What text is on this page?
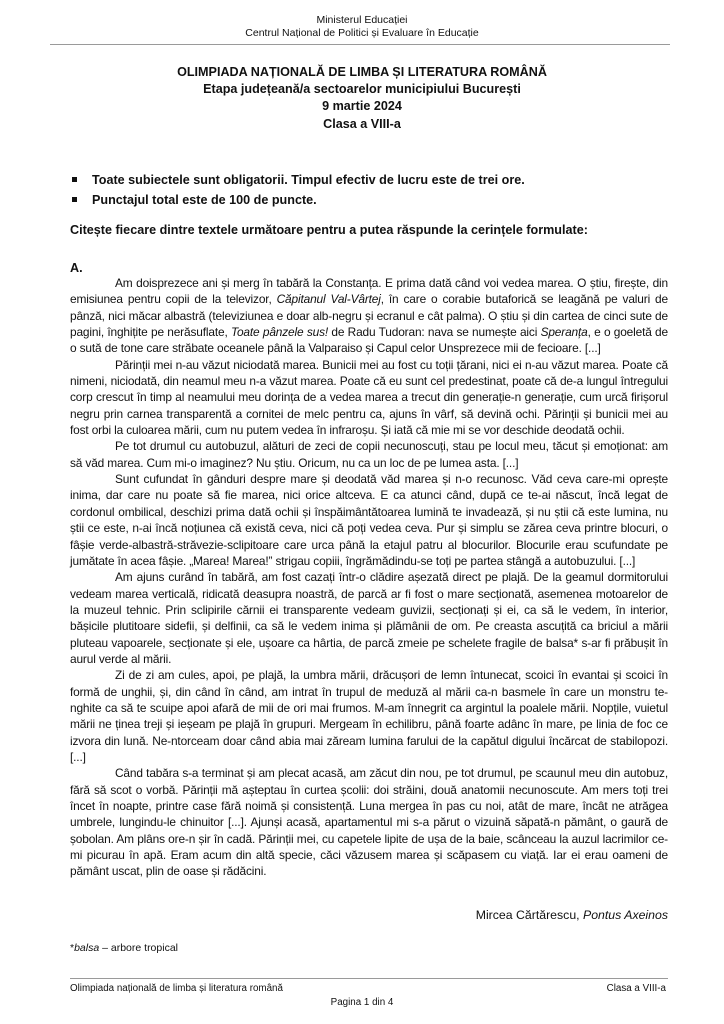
Ministerul Educației
Centrul Național de Politici și Evaluare în Educație
OLIMPIADA NAȚIONALĂ DE LIMBA ȘI LITERATURA ROMÂNĂ
Etapa județeană/a sectoarelor municipiului București
9 martie 2024
Clasa a VIII-a
Toate subiectele sunt obligatorii. Timpul efectiv de lucru este de trei ore.
Punctajul total este de 100 de puncte.
Citește fiecare dintre textele următoare pentru a putea răspunde la cerințele formulate:
A.

Am doisprezece ani și merg în tabără la Constanța. E prima dată când voi vedea marea. O știu, firește, din emisiunea pentru copii de la televizor, Căpitanul Val-Vârtej, în care o corabie butaforică se leagănă pe valuri de pânză, nici măcar albastră (televiziunea e doar alb-negru și ecranul e cât palma). O știu și din cartea de cinci sute de pagini, înghițite pe nerăsuflate, Toate pânzele sus! de Radu Tudoran: nava se numește aici Speranța, e o goeletă de o sută de tone care străbate oceanele până la Valparaiso și Capul celor Unsprezece mii de fecioare. [...]

Părinții mei n-au văzut niciodată marea. Bunicii mei au fost cu toții țărani, nici ei n-au văzut marea. Poate că nimeni, niciodată, din neamul meu n-a văzut marea. Poate că eu sunt cel predestinat, poate că de-a lungul întregului corp crescut în timp al neamului meu dorința de a vedea marea a trecut din generație-n generație, cum urcă firișorul negru prin carnea transparentă a cornitei de melc pentru ca, ajuns în vârf, să devină ochi. Părinții și bunicii mei au fost orbi la culoarea mării, cum nu putem vedea în infraroșu. Și iată că mie mi se vor deschide deodată ochii.

Pe tot drumul cu autobuzul, alături de zeci de copii necunoscuți, stau pe locul meu, tăcut și emoționat: am să văd marea. Cum mi-o imaginez? Nu știu. Oricum, nu ca un loc de pe lumea asta. [...]

Sunt cufundat în gânduri despre mare și deodată văd marea și n-o recunosc. Văd ceva care-mi oprește inima, dar care nu poate să fie marea, nici orice altceva. E ca atunci când, după ce te-ai născut, încă legat de cordonul ombilical, deschizi prima dată ochii și înspăimântătoarea lumină te invadează, și nu știi că este lumina, nu știi ce este, n-ai încă noțiunea că există ceva, nici că poți vedea ceva. Pur și simplu se zărea ceva printre blocuri, o fâșie verde-albastră-străvezie-sclipitoare care urca până la etajul patru al blocurilor. Blocurile erau scufundate pe jumătate în acea fâșie. „Marea! Marea!” strigau copiii, îngrămădindu-se toți pe partea stângă a autobuzului. [...]

Am ajuns curând în tabără, am fost cazați într-o clădire așezată direct pe plajă. De la geamul dormitorului vedeam marea verticală, ridicată deasupra noastră, de parcă ar fi fost o mare secționată, asemenea motoarelor de la muzeul tehnic. Prin sclipirile cărnii ei transparente vedeam guvizii, secționați și ei, ca să le vedem, în interior, bășicile plutitoare sidefii, și delfinii, ca să le vedem inima și plămânii de om. Pe creasta ascuțită ca briciul a mării pluteau vapoarele, secționate și ele, ușoare ca hârtia, de parcă zmeie pe schelete fragile de balsa* s-ar fi prăbușit în aurul verde al mării.

Zi de zi am cules, apoi, pe plajă, la umbra mării, drăcușori de lemn întunecat, scoici în evantai și scoici în formă de unghii, și, din când în când, am intrat în trupul de meduză al mării ca-n basmele în care un monstru te-nghite ca să te scuipe apoi afară de mii de ori mai frumos. M-am înnegrit ca argintul la poalele mării. Nopțile, vuietul mării ne ținea treji și ieșeam pe plajă în grupuri. Mergeam în echilibru, până foarte adânc în mare, pe linia de foc ce izvora din lună. Ne-ntorceam doar când abia mai zăream lumina farului de la capătul digului încărcat de stabilopozi. [...]

Când tabăra s-a terminat și am plecat acasă, am zăcut din nou, pe tot drumul, pe scaunul meu din autobuz, fără să scot o vorbă. Părinții mă așteptau în curtea școlii: doi străini, două anatomii necunoscute. Am mers toți trei încet în noapte, printre case fără noimă și consistență. Luna mergea în pas cu noi, atât de mare, încât ne atrăgea umbrele, lungindu-le chinuitor [...]. Ajunși acasă, apartamentul mi s-a părut o vizuină săpată-n pământ, o gaură de șobolan. Am plâns ore-n șir în cadă. Părinții mei, cu capetele lipite de ușa de la baie, scânceau la auzul lacrimilor ce-mi picurau în apă. Eram acum din altă specie, căci văzusem marea și scăpasem cu viață. Iar ei erau oameni de pământ uscat, plin de oase și rădăcini.

Mircea Cărtărescu, Pontus Axeinos
*balsa – arbore tropical
Olimpiada națională de limba și literatura română	Clasa a VIII-a
Pagina 1 din 4
